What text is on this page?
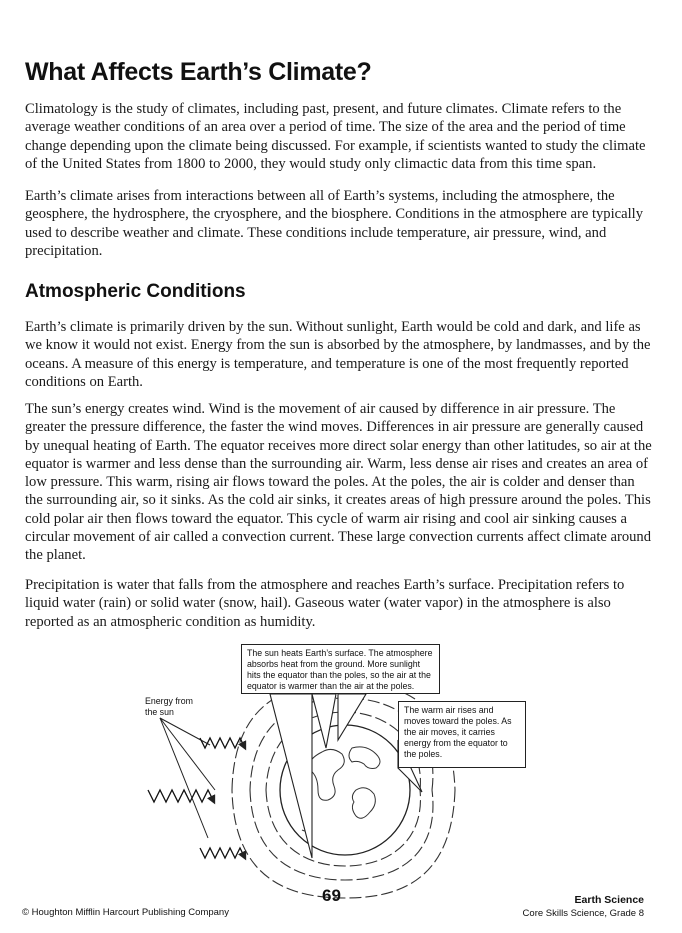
What Affects Earth’s Climate?
Climatology is the study of climates, including past, present, and future climates. Climate refers to the average weather conditions of an area over a period of time. The size of the area and the period of time change depending upon the climate being discussed. For example, if scientists wanted to study the climate of the United States from 1800 to 2000, they would study only climactic data from this time span.
Earth’s climate arises from interactions between all of Earth’s systems, including the atmosphere, the geosphere, the hydrosphere, the cryosphere, and the biosphere. Conditions in the atmosphere are typically used to describe weather and climate. These conditions include temperature, air pressure, wind, and precipitation.
Atmospheric Conditions
Earth’s climate is primarily driven by the sun. Without sunlight, Earth would be cold and dark, and life as we know it would not exist. Energy from the sun is absorbed by the atmosphere, by landmasses, and by the oceans. A measure of this energy is temperature, and temperature is one of the most frequently reported conditions on Earth.
The sun’s energy creates wind. Wind is the movement of air caused by difference in air pressure. The greater the pressure difference, the faster the wind moves. Differences in air pressure are generally caused by unequal heating of Earth. The equator receives more direct solar energy than other latitudes, so air at the equator is warmer and less dense than the surrounding air. Warm, less dense air rises and creates an area of low pressure. This warm, rising air flows toward the poles. At the poles, the air is colder and denser than the surrounding air, so it sinks. As the cold air sinks, it creates areas of high pressure around the poles. This cold polar air then flows toward the equator. This cycle of warm air rising and cool air sinking causes a circular movement of air called a convection current. These large convection currents affect climate around the planet.
Precipitation is water that falls from the atmosphere and reaches Earth’s surface. Precipitation refers to liquid water (rain) or solid water (snow, hail). Gaseous water (water vapor) in the atmosphere is also reported as an atmospheric condition as humidity.
The sun heats Earth’s surface. The atmosphere absorbs heat from the ground. More sunlight hits the equator than the poles, so the air at the equator is warmer than the air at the poles.
The warm air rises and moves toward the poles. As the air moves, it carries energy from the equator to the poles.
Energy from the sun
© Houghton Mifflin Harcourt Publishing Company
69	Earth Science
Core Skills Science, Grade 8
